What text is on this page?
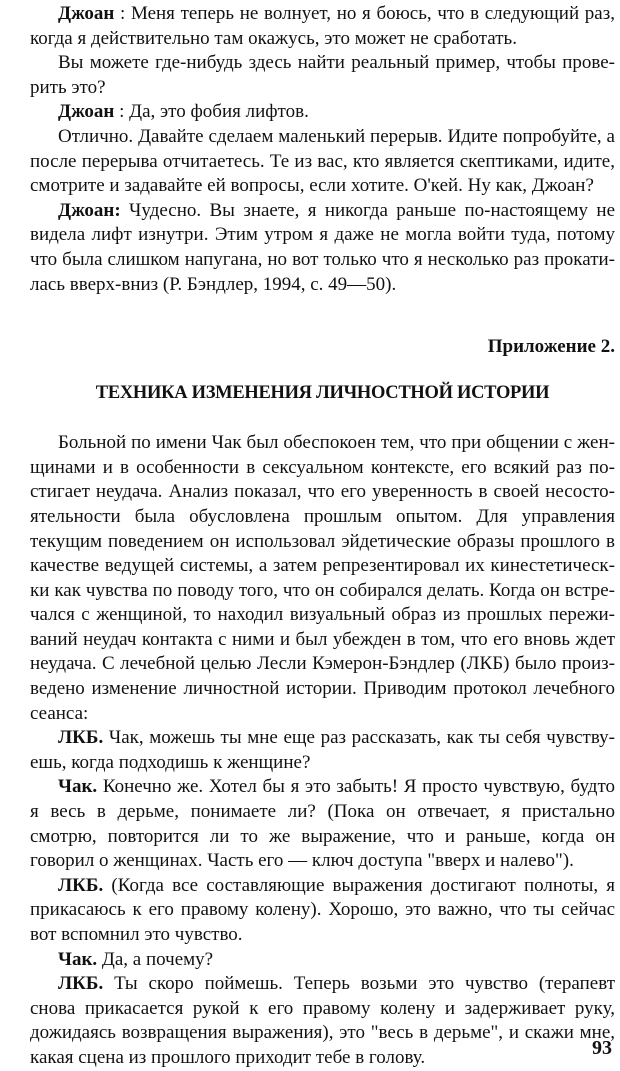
Джоан : Меня теперь не волнует, но я боюсь, что в следующий раз, когда я действительно там окажусь, это может не сработать.

Вы можете где-нибудь здесь найти реальный пример, чтобы проверить это?

Джоан : Да, это фобия лифтов.

Отлично. Давайте сделаем маленький перерыв. Идите попробуйте, а после перерыва отчитаетесь. Те из вас, кто является скептиками, идите, смотрите и задавайте ей вопросы, если хотите. O'кей. Ну как, Джоан?

Джоан: Чудесно. Вы знаете, я никогда раньше по-настоящему не видела лифт изнутри. Этим утром я даже не могла войти туда, потому что была слишком напугана, но вот только что я несколько раз прокатилась вверх-вниз (Р. Бэндлер, 1994, с. 49—50).

Приложение 2.

ТЕХНИКА ИЗМЕНЕНИЯ ЛИЧНОСТНОЙ ИСТОРИИ

Больной по имени Чак был обеспокоен тем, что при общении с женщинами и в особенности в сексуальном контексте, его всякий раз постигает неудача. Анализ показал, что его уверенность в своей несостоятельности была обусловлена прошлым опытом. Для управления текущим поведением он использовал эйдетические образы прошлого в качестве ведущей системы, а затем репрезентировал их кинестетическки как чувства по поводу того, что он собирался делать. Когда он встречался с женщиной, то находил визуальный образ из прошлых переживаний неудач контакта с ними и был убежден в том, что его вновь ждет неудача. С лечебной целью Лесли Кэмерон-Бэндлер (ЛКБ) было произведено изменение личностной истории. Приводим протокол лечебного сеанса:

ЛКБ. Чак, можешь ты мне еще раз рассказать, как ты себя чувствуешь, когда подходишь к женщине?

Чак. Конечно же. Хотел бы я это забыть! Я просто чувствую, будто я весь в дерьме, понимаете ли? (Пока он отвечает, я пристально смотрю, повторится ли то же выражение, что и раньше, когда он говорил о женщинах. Часть его — ключ доступа "вверх и налево").

ЛКБ. (Когда все составляющие выражения достигают полноты, я прикасаюсь к его правому колену). Хорошо, это важно, что ты сейчас вот вспомнил это чувство.

Чак. Да, а почему?

ЛКБ. Ты скоро поймешь. Теперь возьми это чувство (терапевт снова прикасается рукой к его правому колену и задерживает руку, дожидаясь возвращения выражения), это "весь в дерьме", и скажи мне, какая сцена из прошлого приходит тебе в голову.	93
